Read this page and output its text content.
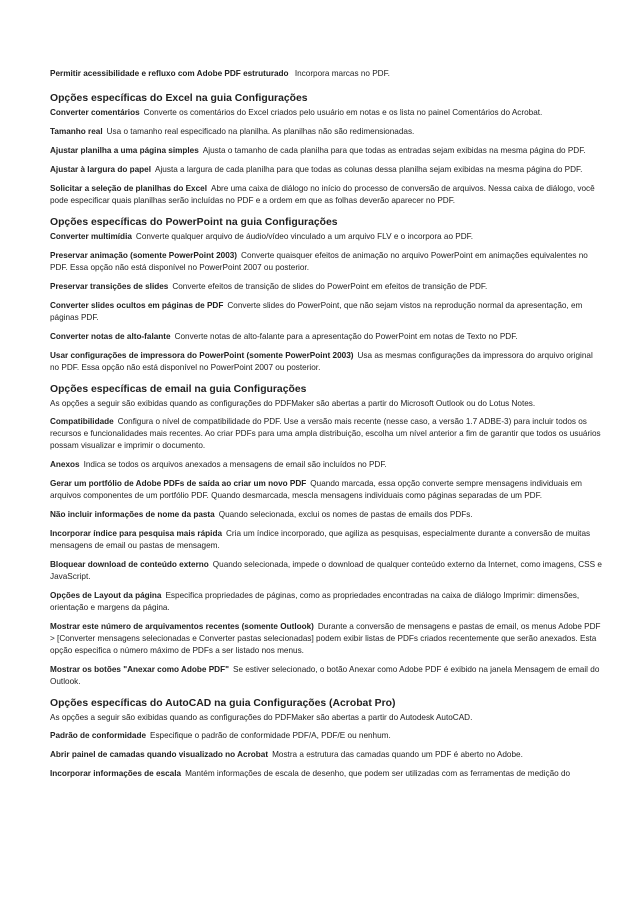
Permitir acessibilidade e refluxo com Adobe PDF estruturado Incorpora marcas no PDF.

Opções específicas do Excel na guia Configurações

Converter comentários Converte os comentários do Excel criados pelo usuário em notas e os lista no painel Comentários do Acrobat.

Tamanho real Usa o tamanho real especificado na planilha. As planilhas não são redimensionadas.

Ajustar planilha a uma página simples Ajusta o tamanho de cada planilha para que todas as entradas sejam exibidas na mesma página do PDF.

Ajustar à largura do papel Ajusta a largura de cada planilha para que todas as colunas dessa planilha sejam exibidas na mesma página do PDF.

Solicitar a seleção de planilhas do Excel Abre uma caixa de diálogo no início do processo de conversão de arquivos. Nessa caixa de diálogo, você pode especificar quais planilhas serão incluídas no PDF e a ordem em que as folhas deverão aparecer no PDF.

Opções específicas do PowerPoint na guia Configurações

Converter multimídia Converte qualquer arquivo de áudio/vídeo vinculado a um arquivo FLV e o incorpora ao PDF.

Preservar animação (somente PowerPoint 2003) Converte quaisquer efeitos de animação no arquivo PowerPoint em animações equivalentes no PDF. Essa opção não está disponível no PowerPoint 2007 ou posterior.

Preservar transições de slides Converte efeitos de transição de slides do PowerPoint em efeitos de transição de PDF.

Converter slides ocultos em páginas de PDF Converte slides do PowerPoint, que não sejam vistos na reprodução normal da apresentação, em páginas PDF.

Converter notas de alto-falante Converte notas de alto-falante para a apresentação do PowerPoint em notas de Texto no PDF.

Usar configurações de impressora do PowerPoint (somente PowerPoint 2003) Usa as mesmas configurações da impressora do arquivo original no PDF. Essa opção não está disponível no PowerPoint 2007 ou posterior.

Opções específicas de email na guia Configurações

As opções a seguir são exibidas quando as configurações do PDFMaker são abertas a partir do Microsoft Outlook ou do Lotus Notes.

Compatibilidade Configura o nível de compatibilidade do PDF. Use a versão mais recente (nesse caso, a versão 1.7 ADBE-3) para incluir todos os recursos e funcionalidades mais recentes. Ao criar PDFs para uma ampla distribuição, escolha um nível anterior a fim de garantir que todos os usuários possam visualizar e imprimir o documento.

Anexos Indica se todos os arquivos anexados a mensagens de email são incluídos no PDF.

Gerar um portfólio de Adobe PDFs de saída ao criar um novo PDF Quando marcada, essa opção converte sempre mensagens individuais em arquivos componentes de um portfólio PDF. Quando desmarcada, mescla mensagens individuais como páginas separadas de um PDF.

Não incluir informações de nome da pasta Quando selecionada, exclui os nomes de pastas de emails dos PDFs.

Incorporar índice para pesquisa mais rápida Cria um índice incorporado, que agiliza as pesquisas, especialmente durante a conversão de muitas mensagens de email ou pastas de mensagem.

Bloquear download de conteúdo externo Quando selecionada, impede o download de qualquer conteúdo externo da Internet, como imagens, CSS e JavaScript.

Opções de Layout da página Especifica propriedades de páginas, como as propriedades encontradas na caixa de diálogo Imprimir: dimensões, orientação e margens da página.

Mostrar este número de arquivamentos recentes (somente Outlook) Durante a conversão de mensagens e pastas de email, os menus Adobe PDF > [Converter mensagens selecionadas e Converter pastas selecionadas] podem exibir listas de PDFs criados recentemente que serão anexados. Esta opção especifica o número máximo de PDFs a ser listado nos menus.

Mostrar os botões "Anexar como Adobe PDF" Se estiver selecionado, o botão Anexar como Adobe PDF é exibido na janela Mensagem de email do Outlook.

Opções específicas do AutoCAD na guia Configurações (Acrobat Pro)

As opções a seguir são exibidas quando as configurações do PDFMaker são abertas a partir do Autodesk AutoCAD.

Padrão de conformidade Especifique o padrão de conformidade PDF/A, PDF/E ou nenhum.

Abrir painel de camadas quando visualizado no Acrobat Mostra a estrutura das camadas quando um PDF é aberto no Adobe.

Incorporar informações de escala Mantém informações de escala de desenho, que podem ser utilizadas com as ferramentas de medição do
